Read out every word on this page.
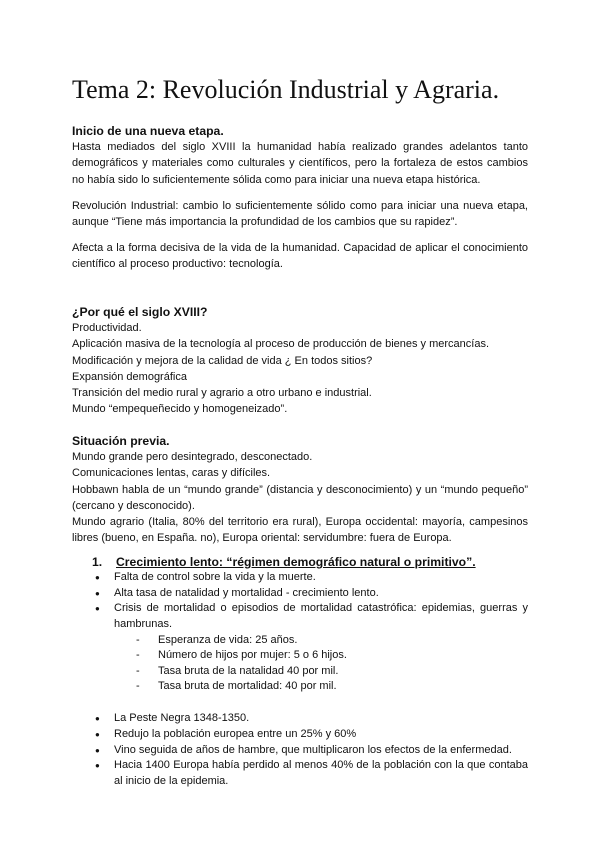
Tema 2: Revolución Industrial y Agraria.

Inicio de una nueva etapa.

Hasta mediados del siglo XVIII la humanidad había realizado grandes adelantos tanto demográficos y materiales como culturales y científicos, pero la fortaleza de estos cambios no había sido lo suficientemente sólida como para iniciar una nueva etapa histórica.

Revolución Industrial: cambio lo suficientemente sólido como para iniciar una nueva etapa, aunque “Tiene más importancia la profundidad de los cambios que su rapidez”.

Afecta a la forma decisiva de la vida de la humanidad. Capacidad de aplicar el conocimiento científico al proceso productivo: tecnología.

¿Por qué el siglo XVIII?

Productividad.

Aplicación masiva de la tecnología al proceso de producción de bienes y mercancías.

Modificación y mejora de la calidad de vida ¿ En todos sitios?

Expansión demográfica

Transición del medio rural y agrario a otro urbano e industrial.

Mundo “empequeñecido y homogeneizado”.

Situación previa.

Mundo grande pero desintegrado, desconectado.

Comunicaciones lentas, caras y difíciles.

Hobbawn habla de un “mundo grande” (distancia y desconocimiento) y un “mundo pequeño” (cercano y desconocido).

Mundo agrario (Italia, 80% del territorio era rural), Europa occidental: mayoría, campesinos libres (bueno, en España. no), Europa oriental: servidumbre: fuera de Europa.

1. Crecimiento lento: “régimen demográfico natural o primitivo”.

● Falta de control sobre la vida y la muerte.
● Alta tasa de natalidad y mortalidad - crecimiento lento.
● Crisis de mortalidad o episodios de mortalidad catastrófica: epidemias, guerras y hambrunas.
- Esperanza de vida: 25 años.
- Número de hijos por mujer: 5 o 6 hijos.
- Tasa bruta de la natalidad 40 por mil.
- Tasa bruta de mortalidad: 40 por mil.
● La Peste Negra 1348-1350.
● Redujo la población europea entre un 25% y 60%
● Vino seguida de años de hambre, que multiplicaron los efectos de la enfermedad.
● Hacia 1400 Europa había perdido al menos 40% de la población con la que contaba al inicio de la epidemia.
